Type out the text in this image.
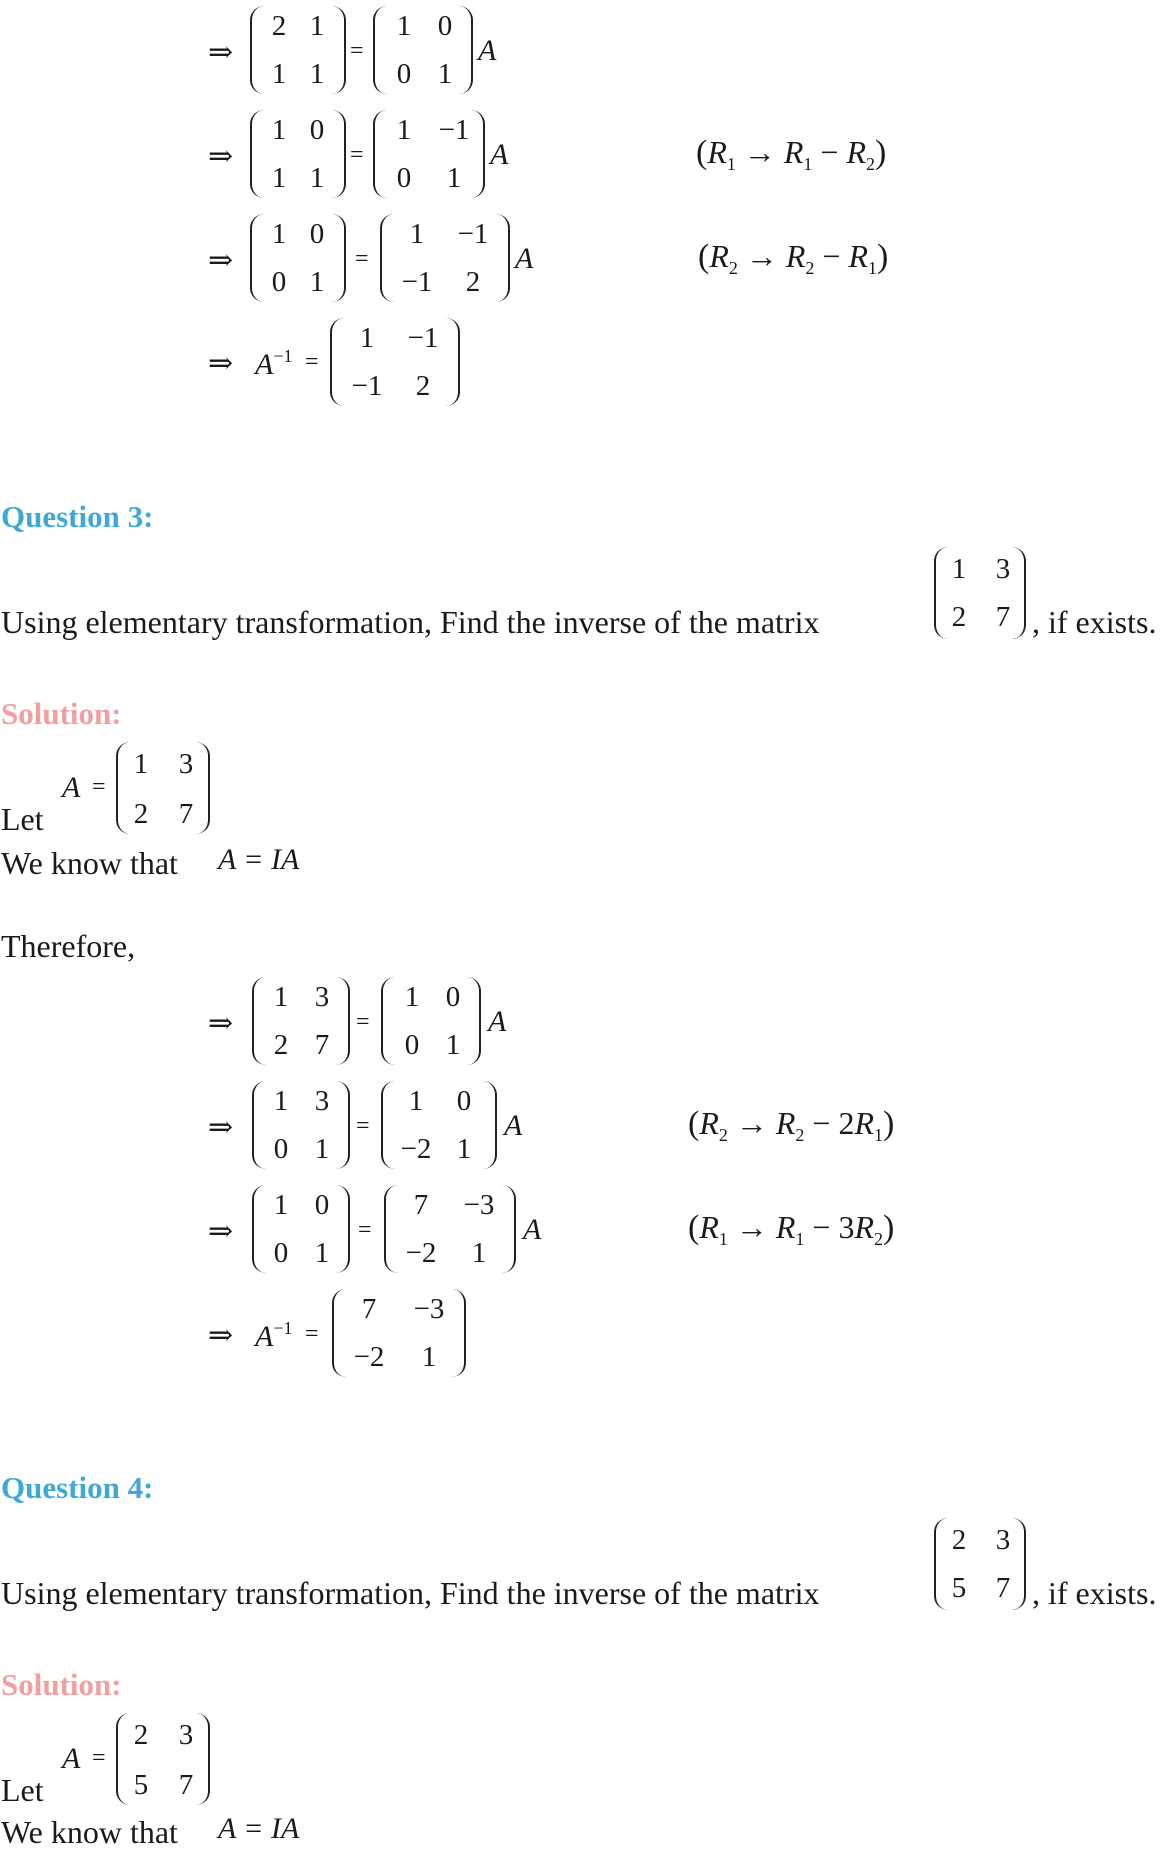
⇒
2 1
1 1
=
1 0
0 1
A
⇒
1 0
1 1
=
1 −1
0	1
A	$(R_1 \to R_1 - R_2)$
⇒
1 0
0 1
=
1	−1
−1	2
A	$(R_2 \to R_2 - R_1)$
⇒ $A^{-1}$ =
1	−1
−1	2
Question 3:
Using elementary transformation, Find the inverse of the matrix
1	3
2	7 , if exists.
Solution:
A =
1	3
2	7
Let
We know that A = IA
Therefore,
⇒
1 3
2 7
=
1 0
0 1
A
⇒
1 3
0 1
=
1	0
−2 1
A	$(R_2 \to R_2 - 2R_1)$
⇒
1 0
0 1
=
7	−3
−2	1
A	$(R_1 \to R_1 - 3R_2)$
⇒ $A^{-1}$ =
7	−3
−2	1
Question 4:
Using elementary transformation, Find the inverse of the matrix
2	3
5	7 , if exists.
Solution:
A =
2	3
5	7
Let
We know that A = IA
